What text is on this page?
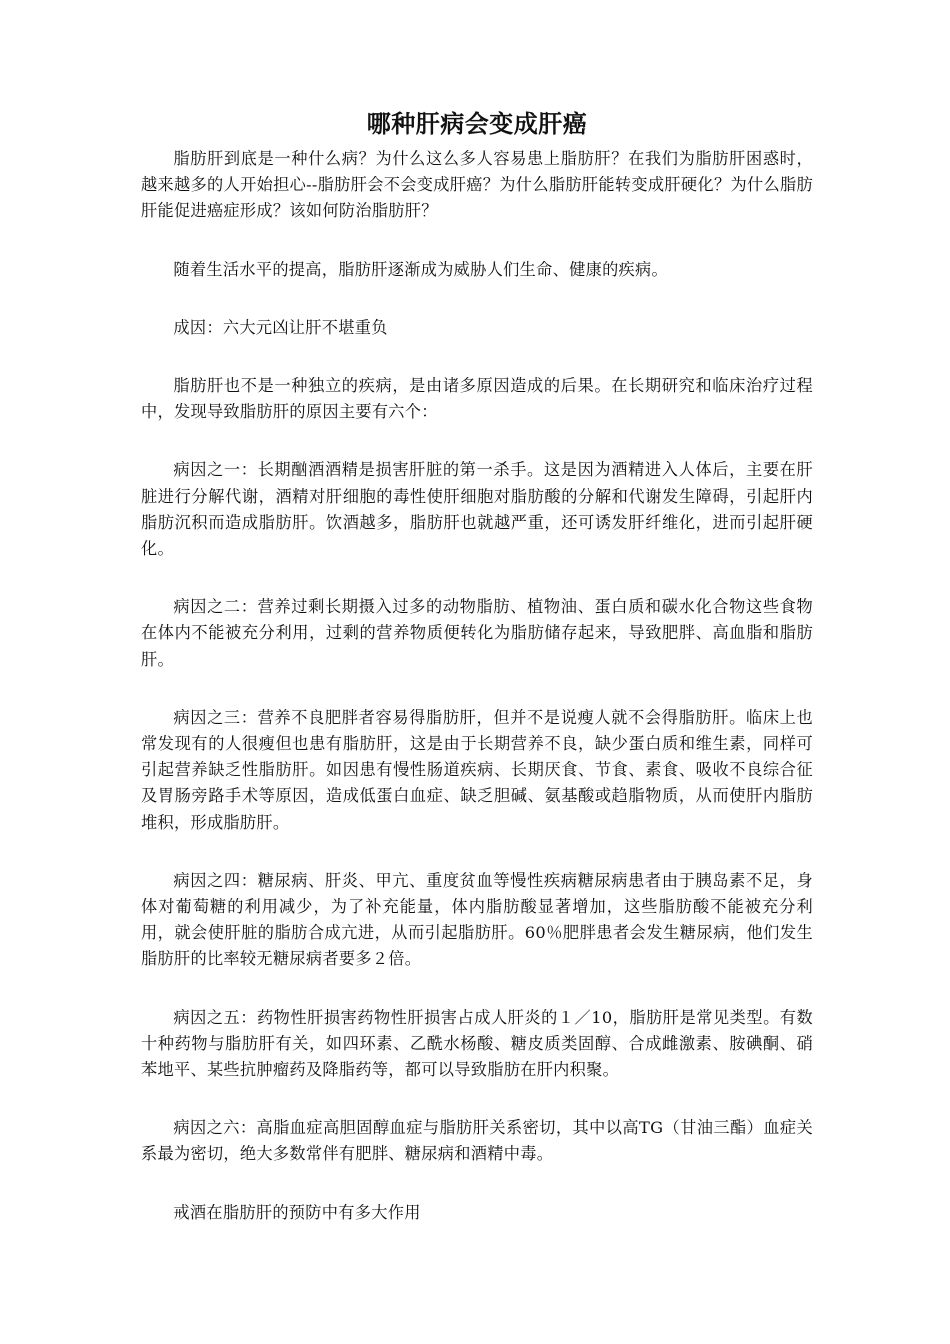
哪种肝病会变成肝癌

脂肪肝到底是一种什么病？为什么这么多人容易患上脂肪肝？在我们为脂肪肝困惑时，越来越多的人开始担心--脂肪肝会不会变成肝癌？为什么脂肪肝能转变成肝硬化？为什么脂肪肝能促进癌症形成？该如何防治脂肪肝？

随着生活水平的提高，脂肪肝逐渐成为威胁人们生命、健康的疾病。

成因：六大元凶让肝不堪重负

脂肪肝也不是一种独立的疾病，是由诸多原因造成的后果。在长期研究和临床治疗过程中，发现导致脂肪肝的原因主要有六个：

病因之一：长期酗酒酒精是损害肝脏的第一杀手。这是因为酒精进入人体后，主要在肝脏进行分解代谢，酒精对肝细胞的毒性使肝细胞对脂肪酸的分解和代谢发生障碍，引起肝内脂肪沉积而造成脂肪肝。饮酒越多，脂肪肝也就越严重，还可诱发肝纤维化，进而引起肝硬化。

病因之二：营养过剩长期摄入过多的动物脂肪、植物油、蛋白质和碳水化合物这些食物在体内不能被充分利用，过剩的营养物质便转化为脂肪储存起来，导致肥胖、高血脂和脂肪肝。

病因之三：营养不良肥胖者容易得脂肪肝，但并不是说瘦人就不会得脂肪肝。临床上也常发现有的人很瘦但也患有脂肪肝，这是由于长期营养不良，缺少蛋白质和维生素，同样可引起营养缺乏性脂肪肝。如因患有慢性肠道疾病、长期厌食、节食、素食、吸收不良综合征及胃肠旁路手术等原因，造成低蛋白血症、缺乏胆碱、氨基酸或趋脂物质，从而使肝内脂肪堆积，形成脂肪肝。

病因之四：糖尿病、肝炎、甲亢、重度贫血等慢性疾病糖尿病患者由于胰岛素不足，身体对葡萄糖的利用减少，为了补充能量，体内脂肪酸显著增加，这些脂肪酸不能被充分利用，就会使肝脏的脂肪合成亢进，从而引起脂肪肝。60％肥胖患者会发生糖尿病，他们发生脂肪肝的比率较无糖尿病者要多２倍。

病因之五：药物性肝损害药物性肝损害占成人肝炎的１／10，脂肪肝是常见类型。有数十种药物与脂肪肝有关，如四环素、乙酰水杨酸、糖皮质类固醇、合成雌激素、胺碘酮、硝苯地平、某些抗肿瘤药及降脂药等，都可以导致脂肪在肝内积聚。

病因之六：高脂血症高胆固醇血症与脂肪肝关系密切，其中以高TG（甘油三酯）血症关系最为密切，绝大多数常伴有肥胖、糖尿病和酒精中毒。

戒酒在脂肪肝的预防中有多大作用
